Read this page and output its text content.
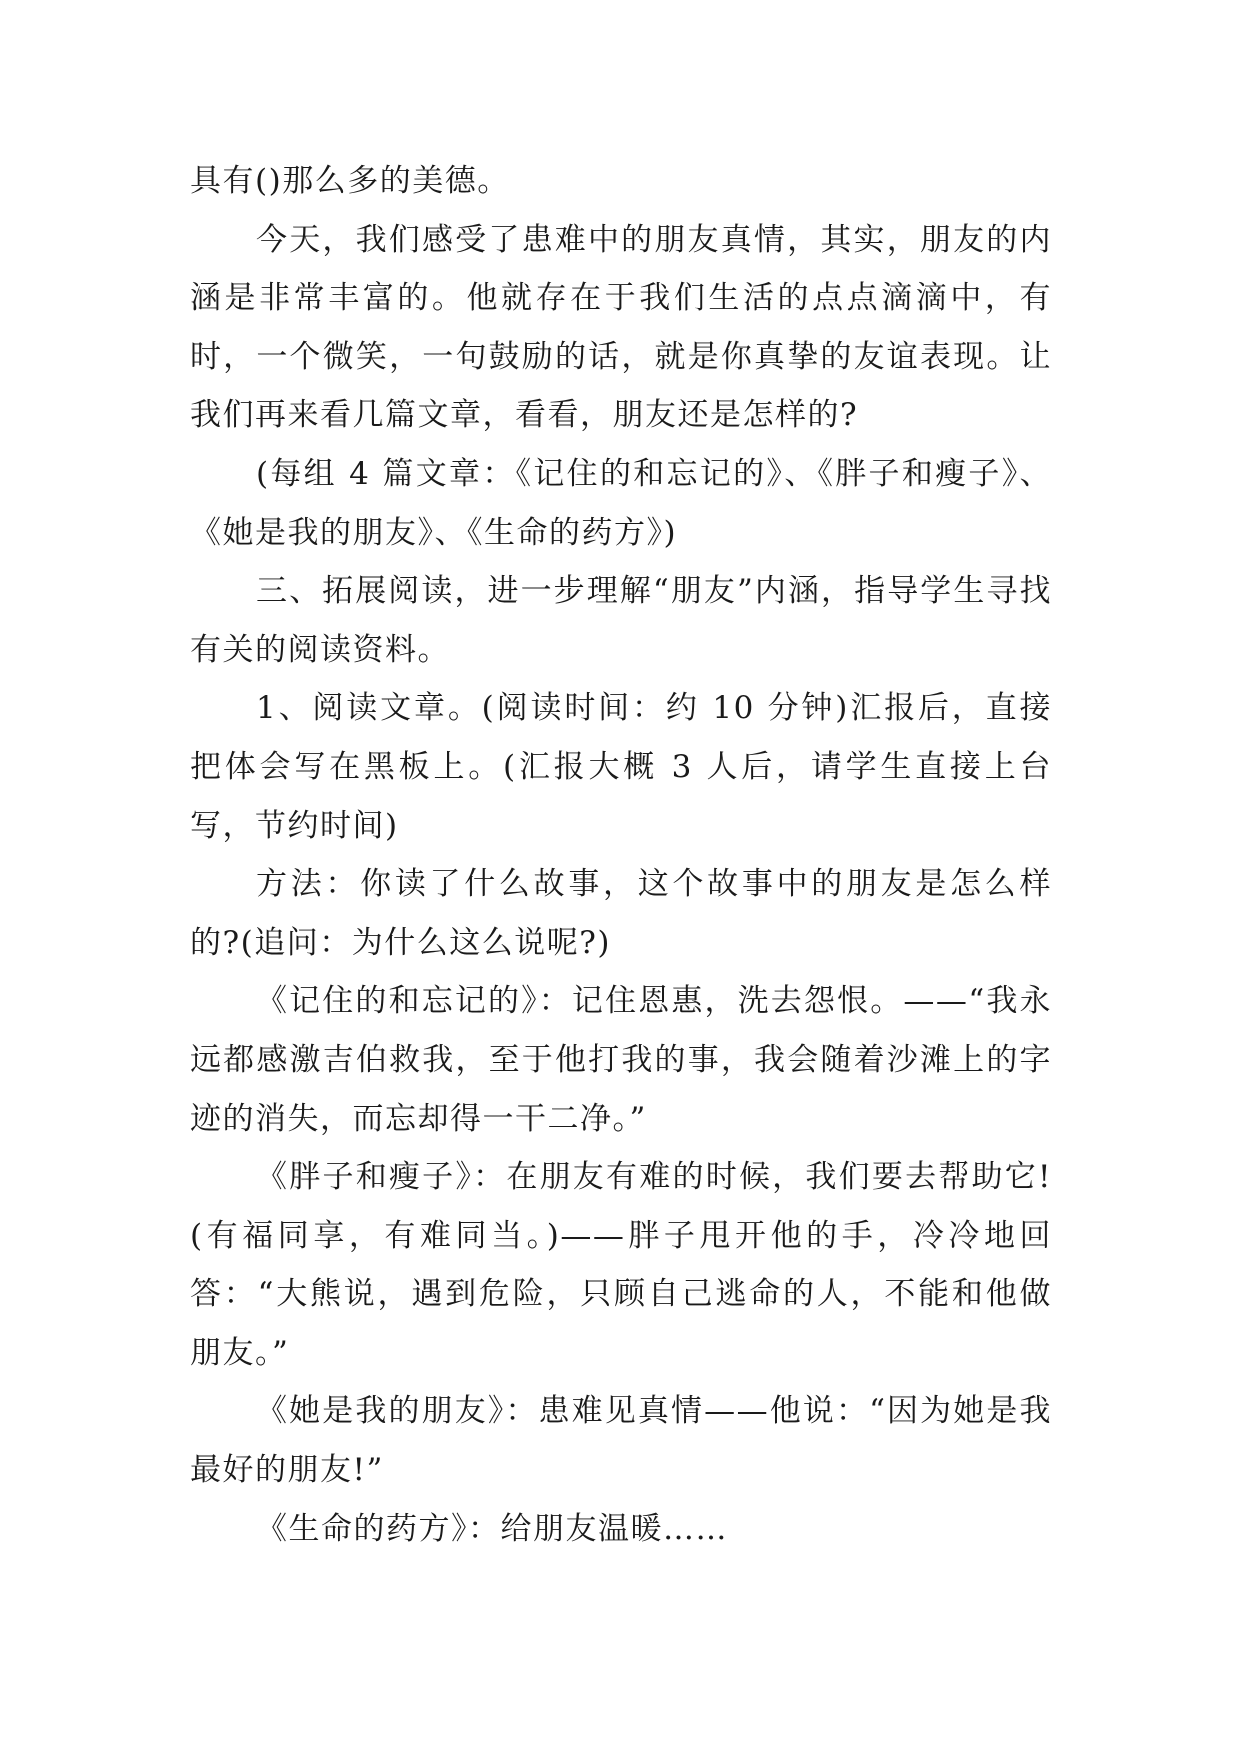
具有()那么多的美德。

今天，我们感受了患难中的朋友真情，其实，朋友的内涵是非常丰富的。他就存在于我们生活的点点滴滴中，有时，一个微笑，一句鼓励的话，就是你真挚的友谊表现。让我们再来看几篇文章，看看，朋友还是怎样的?

(每组 4 篇文章：《记住的和忘记的》、《胖子和瘦子》、《她是我的朋友》、《生命的药方》)

三、拓展阅读，进一步理解“朋友”内涵，指导学生寻找有关的阅读资料。

1、阅读文章。(阅读时间：约 10 分钟)汇报后，直接把体会写在黑板上。(汇报大概 3 人后，请学生直接上台写，节约时间)

方法：你读了什么故事，这个故事中的朋友是怎么样的?(追问：为什么这么说呢?)

《记住的和忘记的》：记住恩惠，洗去怨恨。——“我永远都感激吉伯救我，至于他打我的事，我会随着沙滩上的字迹的消失，而忘却得一干二净。”

《胖子和瘦子》：在朋友有难的时候，我们要去帮助它!(有福同享，有难同当。)——胖子甩开他的手，冷冷地回答：“大熊说，遇到危险，只顾自己逃命的人，不能和他做朋友。”

《她是我的朋友》：患难见真情——他说：“因为她是我最好的朋友!”

《生命的药方》：给朋友温暖……
